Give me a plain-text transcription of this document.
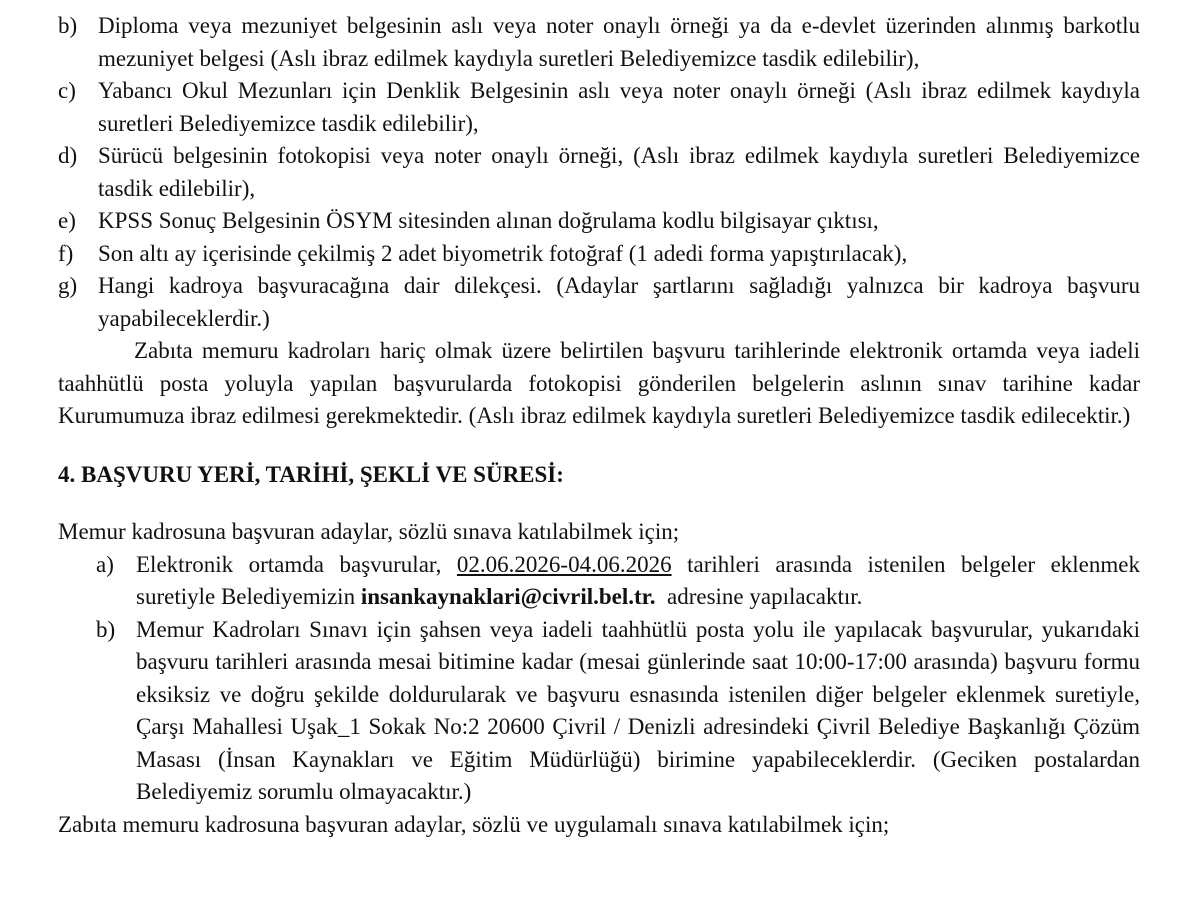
b) Diploma veya mezuniyet belgesinin aslı veya noter onaylı örneği ya da e-devlet üzerinden alınmış barkotlu mezuniyet belgesi (Aslı ibraz edilmek kaydıyla suretleri Belediyemizce tasdik edilebilir),
c) Yabancı Okul Mezunları için Denklik Belgesinin aslı veya noter onaylı örneği (Aslı ibraz edilmek kaydıyla suretleri Belediyemizce tasdik edilebilir),
d) Sürücü belgesinin fotokopisi veya noter onaylı örneği, (Aslı ibraz edilmek kaydıyla suretleri Belediyemizce tasdik edilebilir),
e) KPSS Sonuç Belgesinin ÖSYM sitesinden alınan doğrulama kodlu bilgisayar çıktısı,
f)	Son altı ay içerisinde çekilmiş 2 adet biyometrik fotoğraf (1 adedi forma yapıştırılacak),
g) Hangi kadroya başvuracağına dair dilekçesi. (Adaylar şartlarını sağladığı yalnızca bir kadroya başvuru yapabileceklerdir.)

Zabıta memuru kadroları hariç olmak üzere belirtilen başvuru tarihlerinde elektronik ortamda veya iadeli taahhütlü posta yoluyla yapılan başvurularda fotokopisi gönderilen belgelerin aslının sınav tarihine kadar Kurumumuza ibraz edilmesi gerekmektedir. (Aslı ibraz edilmek kaydıyla suretleri Belediyemizce tasdik edilecektir.)

4. BAŞVURU YERİ, TARİHİ, ŞEKLİ VE SÜRESİ:

Memur kadrosuna başvuran adaylar, sözlü sınava katılabilmek için;

a) Elektronik ortamda başvurular, 02.06.2026-04.06.2026 tarihleri arasında istenilen belgeler eklenmek suretiyle Belediyemizin insankaynaklari@civril.bel.tr.  adresine yapılacaktır.
b) Memur Kadroları Sınavı için şahsen veya iadeli taahhütlü posta yolu ile yapılacak başvurular, yukarıdaki başvuru tarihleri arasında mesai bitimine kadar (mesai günlerinde saat 10:00-17:00 arasında) başvuru formu eksiksiz ve doğru şekilde doldurularak ve başvuru esnasında istenilen diğer belgeler eklenmek suretiyle, Çarşı Mahallesi Uşak_1 Sokak No:2 20600 Çivril / Denizli adresindeki Çivril Belediye Başkanlığı Çözüm Masası (İnsan Kaynakları ve Eğitim Müdürlüğü) birimine yapabileceklerdir. (Geciken postalardan Belediyemiz sorumlu olmayacaktır.)

Zabıta memuru kadrosuna başvuran adaylar, sözlü ve uygulamalı sınava katılabilmek için;
